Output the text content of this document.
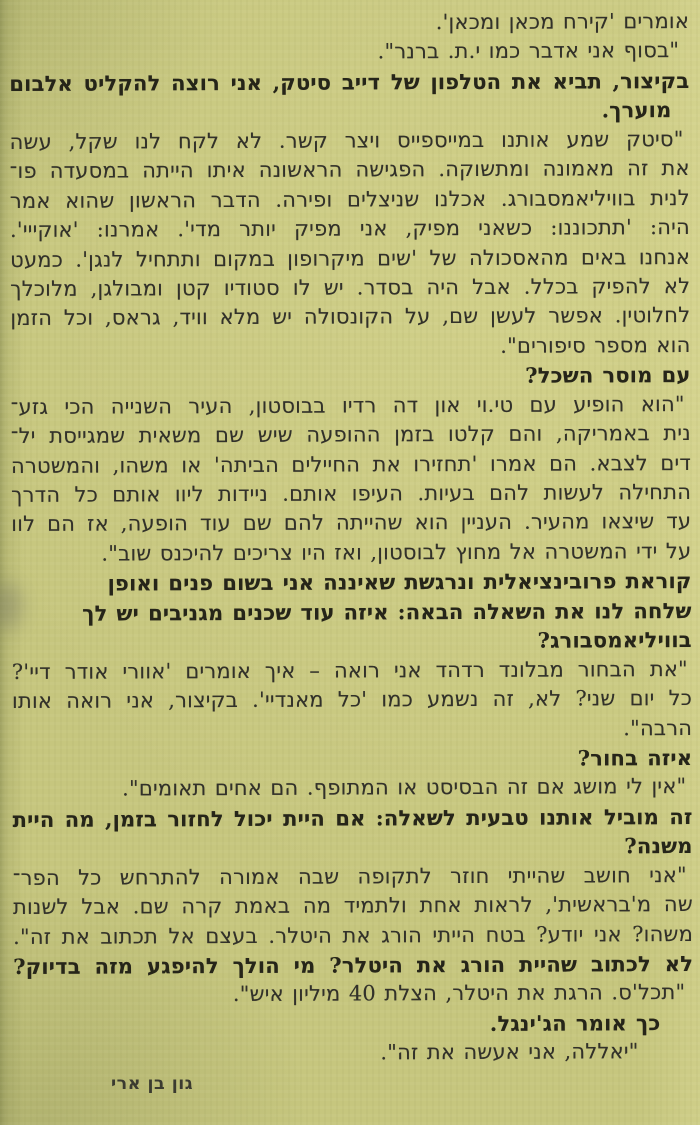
אומרים 'קירח מכאן ומכאן'.
"בסוף אני אדבר כמו י.ת. ברנר".
בקיצור, תביא את הטלפון של דייב סיטק, אני רוצה להקליט אלבום
מוערך.
"סיטק שמע אותנו במייספייס ויצר קשר. לא לקח לנו שקל, עשה
את זה מאמונה ומתשוקה. הפגישה הראשונה איתו הייתה במסעדה פו־
לנית בוויליאמסבורג. אכלנו שניצלים ופירה. הדבר הראשון שהוא אמר
היה: 'תתכוננו: כשאני מפיק, אני מפיק יותר מדי'. אמרנו: 'אוקייי'.
אנחנו באים מהאסכולה של 'שים מיקרופון במקום ותתחיל לנגן'. כמעט
לא להפיק בכלל. אבל היה בסדר. יש לו סטודיו קטן ומבולגן, מלוכלך
לחלוטין. אפשר לעשן שם, על הקונסולה יש מלא וויד, גראס, וכל הזמן
הוא מספר סיפורים".
עם מוסר השכל?
"הוא הופיע עם טי.וי און דה רדיו בבוסטון, העיר השנייה הכי גזע־
נית באמריקה, והם קלטו בזמן ההופעה שיש שם משאית שמגייסת יל־
דים לצבא. הם אמרו 'תחזירו את החיילים הביתה' או משהו, והמשטרה
התחילה לעשות להם בעיות. העיפו אותם. ניידות ליוו אותם כל הדרך
עד שיצאו מהעיר. העניין הוא שהייתה להם שם עוד הופעה, אז הם לוו
על ידי המשטרה אל מחוץ לבוסטון, ואז היו צריכים להיכנס שוב".
קוראת פרובינציאלית ונרגשת שאיננה אני בשום פנים ואופן
שלחה לנו את השאלה הבאה: איזה עוד שכנים מגניבים יש לך
בוויליאמסבורג?
"את הבחור מבלונד רדהד אני רואה – איך אומרים 'אוורי אודר דיי'?
כל יום שני? לא, זה נשמע כמו 'כל מאנדיי'. בקיצור, אני רואה אותו
הרבה".
איזה בחור?
"אין לי מושג אם זה הבסיסט או המתופף. הם אחים תאומים".
זה מוביל אותנו טבעית לשאלה: אם היית יכול לחזור בזמן, מה היית
משנה?
"אני חושב שהייתי חוזר לתקופה שבה אמורה להתרחש כל הפר־
שה מ'בראשית', לראות אחת ולתמיד מה באמת קרה שם. אבל לשנות
משהו? אני יודע? בטח הייתי הורג את היטלר. בעצם אל תכתוב את זה".
לא לכתוב שהיית הורג את היטלר? מי הולך להיפגע מזה בדיוק?
"תכל'ס. הרגת את היטלר, הצלת 40 מיליון איש".
כך אומר הג'ינגל.
"יאללה, אני אעשה את זה".
גון בן ארי
